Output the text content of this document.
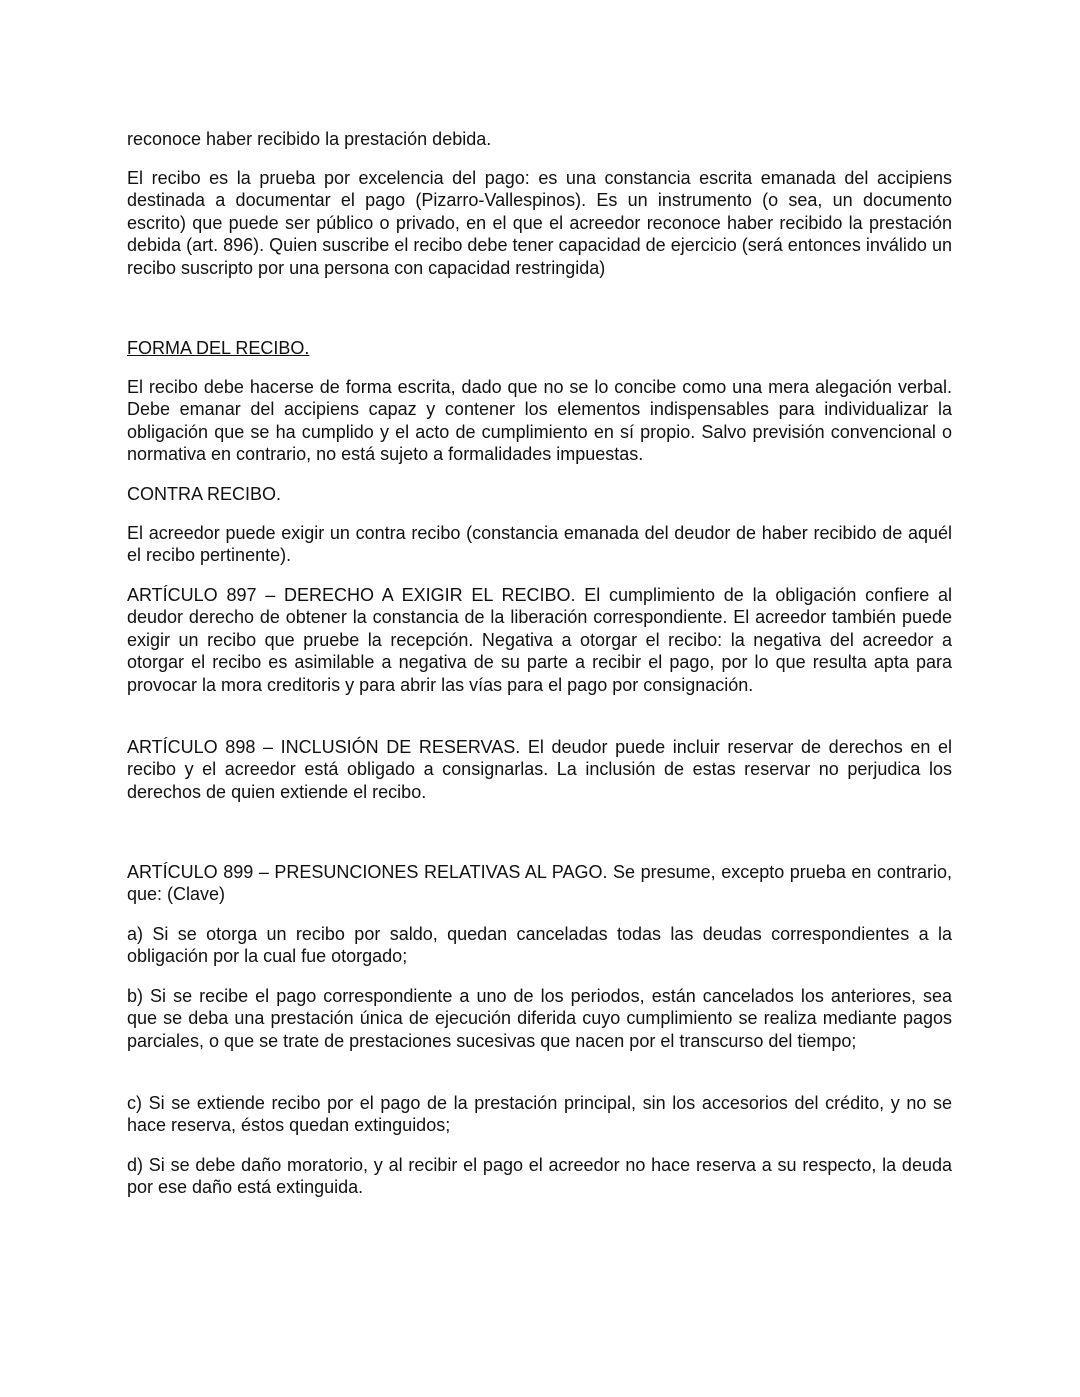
reconoce haber recibido la prestación debida.

El recibo es la prueba por excelencia del pago: es una constancia escrita emanada del accipiens destinada a documentar el pago (Pizarro-Vallespinos). Es un instrumento (o sea, un documento escrito) que puede ser público o privado, en el que el acreedor reconoce haber recibido la prestación debida (art. 896). Quien suscribe el recibo debe tener capacidad de ejercicio (será entonces inválido un recibo suscripto por una persona con capacidad restringida)

FORMA DEL RECIBO.

El recibo debe hacerse de forma escrita, dado que no se lo concibe como una mera alegación verbal. Debe emanar del accipiens capaz y contener los elementos indispensables para individualizar la obligación que se ha cumplido y el acto de cumplimiento en sí propio. Salvo previsión convencional o normativa en contrario, no está sujeto a formalidades impuestas.

CONTRA RECIBO.

El acreedor puede exigir un contra recibo (constancia emanada del deudor de haber recibido de aquél el recibo pertinente).

ARTÍCULO 897 – DERECHO A EXIGIR EL RECIBO. El cumplimiento de la obligación confiere al deudor derecho de obtener la constancia de la liberación correspondiente. El acreedor también puede exigir un recibo que pruebe la recepción. Negativa a otorgar el recibo: la negativa del acreedor a otorgar el recibo es asimilable a negativa de su parte a recibir el pago, por lo que resulta apta para provocar la mora creditoris y para abrir las vías para el pago por consignación.

ARTÍCULO 898 – INCLUSIÓN DE RESERVAS. El deudor puede incluir reservar de derechos en el recibo y el acreedor está obligado a consignarlas. La inclusión de estas reservar no perjudica los derechos de quien extiende el recibo.

ARTÍCULO 899 – PRESUNCIONES RELATIVAS AL PAGO. Se presume, excepto prueba en contrario, que: (Clave)

a) Si se otorga un recibo por saldo, quedan canceladas todas las deudas correspondientes a la obligación por la cual fue otorgado;

b) Si se recibe el pago correspondiente a uno de los periodos, están cancelados los anteriores, sea que se deba una prestación única de ejecución diferida cuyo cumplimiento se realiza mediante pagos parciales, o que se trate de prestaciones sucesivas que nacen por el transcurso del tiempo;

c) Si se extiende recibo por el pago de la prestación principal, sin los accesorios del crédito, y no se hace reserva, éstos quedan extinguidos;

d) Si se debe daño moratorio, y al recibir el pago el acreedor no hace reserva a su respecto, la deuda por ese daño está extinguida.
